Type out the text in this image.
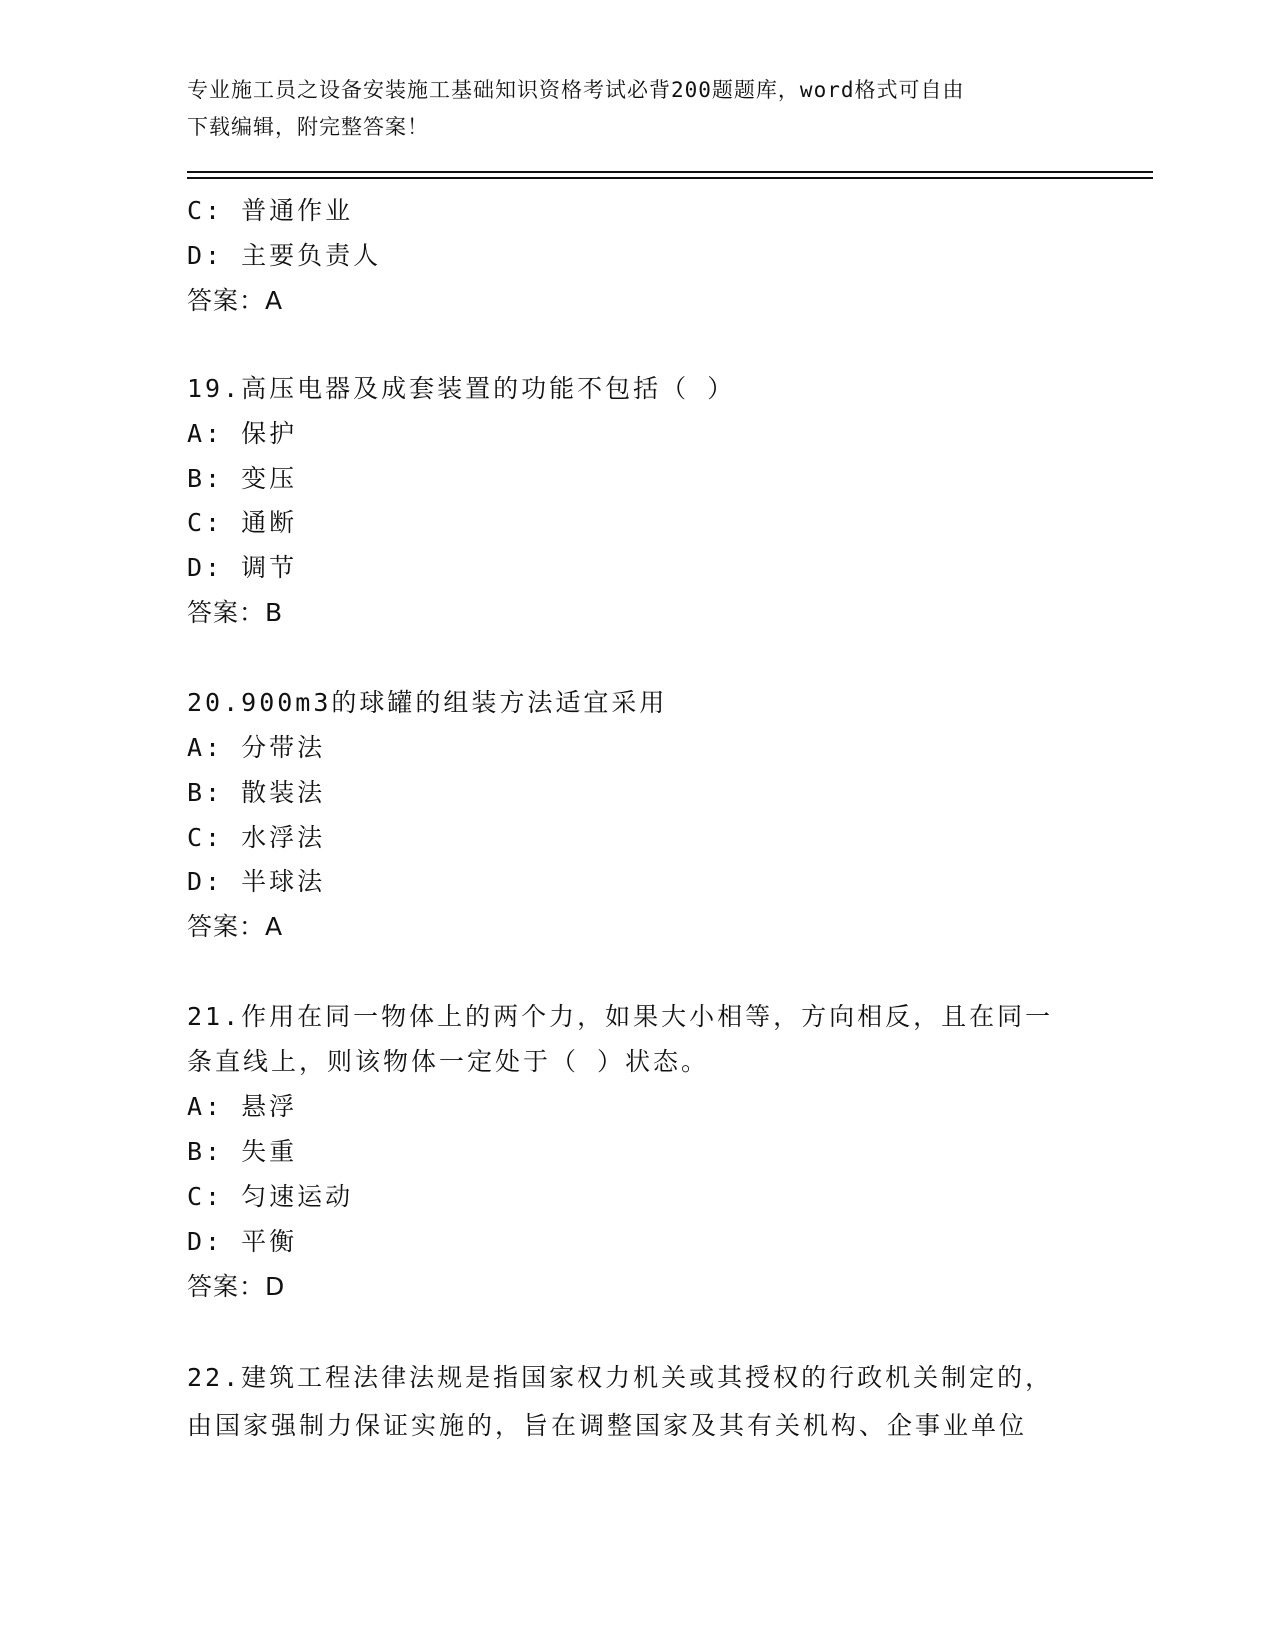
专业施工员之设备安装施工基础知识资格考试必背200题题库，word格式可自由
下载编辑，附完整答案！
C: 普通作业
D: 主要负责人
答案：A
19.高压电器及成套装置的功能不包括（ ）
A: 保护
B: 变压
C: 通断
D: 调节
答案：B
20.900m3的球罐的组装方法适宜采用
A: 分带法
B: 散装法
C: 水浮法
D: 半球法
答案：A
21.作用在同一物体上的两个力，如果大小相等，方向相反，且在同一
条直线上，则该物体一定处于（ ）状态。
A: 悬浮
B: 失重
C: 匀速运动
D: 平衡
答案：D
22.建筑工程法律法规是指国家权力机关或其授权的行政机关制定的，
由国家强制力保证实施的，旨在调整国家及其有关机构、企事业单位
